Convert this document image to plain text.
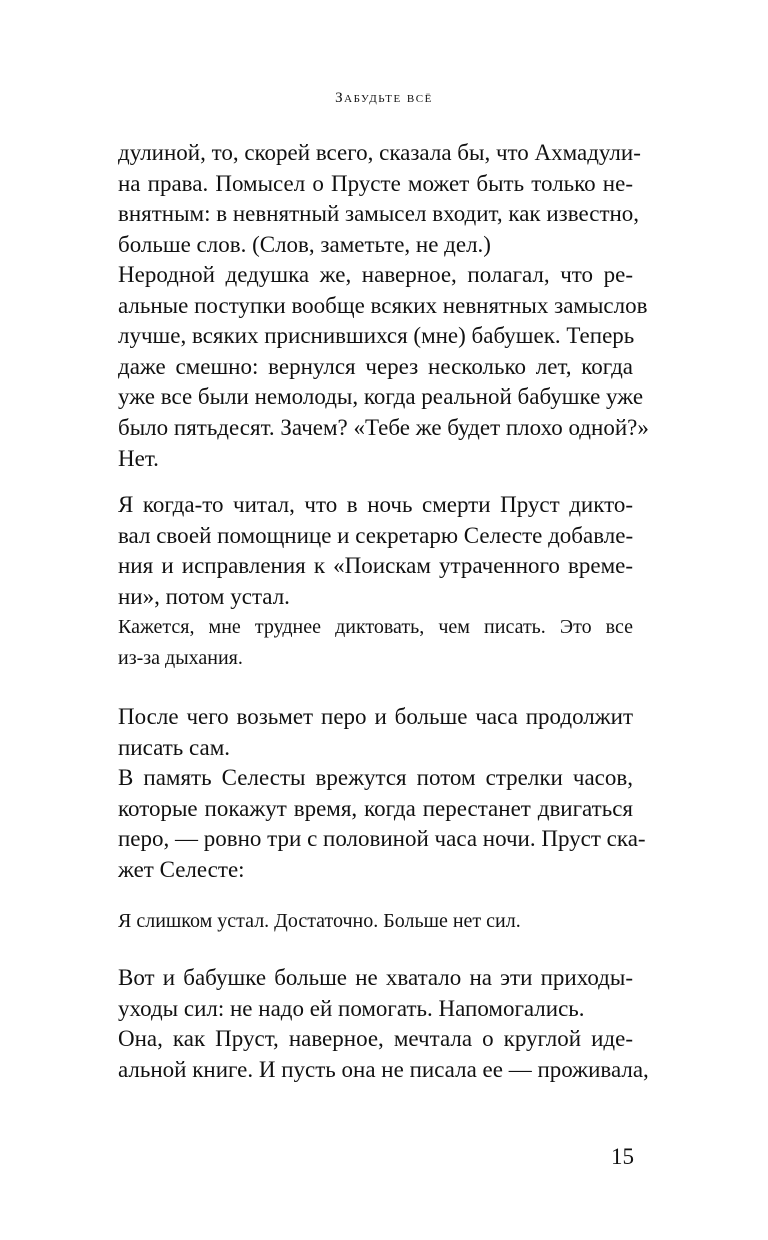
Забудьте всё
дулиной, то, скорей всего, сказала бы, что Ахмадули-
на права. Помысел о Прусте может быть только не-
внятным: в невнятный замысел входит, как известно,
больше слов. (Слов, заметьте, не дел.)
Неродной дедушка же, наверное, полагал, что ре-
альные поступки вообще всяких невнятных замыслов
лучше, всяких приснившихся (мне) бабушек. Теперь
даже смешно: вернулся через несколько лет, когда
уже все были немолоды, когда реальной бабушке уже
было пятьдесят. Зачем? «Тебе же будет плохо одной?»
Нет.
Я когда-то читал, что в ночь смерти Пруст дикто-
вал своей помощнице и секретарю Селесте добавле-
ния и исправления к «Поискам утраченного време-
ни», потом устал.
Кажется, мне труднее диктовать, чем писать. Это все
из-за дыхания.
После чего возьмет перо и больше часа продолжит
писать сам.
В память Селесты врежутся потом стрелки часов,
которые покажут время, когда перестанет двигаться
перо, — ровно три с половиной часа ночи. Пруст ска-
жет Селесте:
Я слишком устал. Достаточно. Больше нет сил.
Вот и бабушке больше не хватало на эти приходы-
уходы сил: не надо ей помогать. Напомогались.
Она, как Пруст, наверное, мечтала о круглой иде-
альной книге. И пусть она не писала ее — проживала,
15
